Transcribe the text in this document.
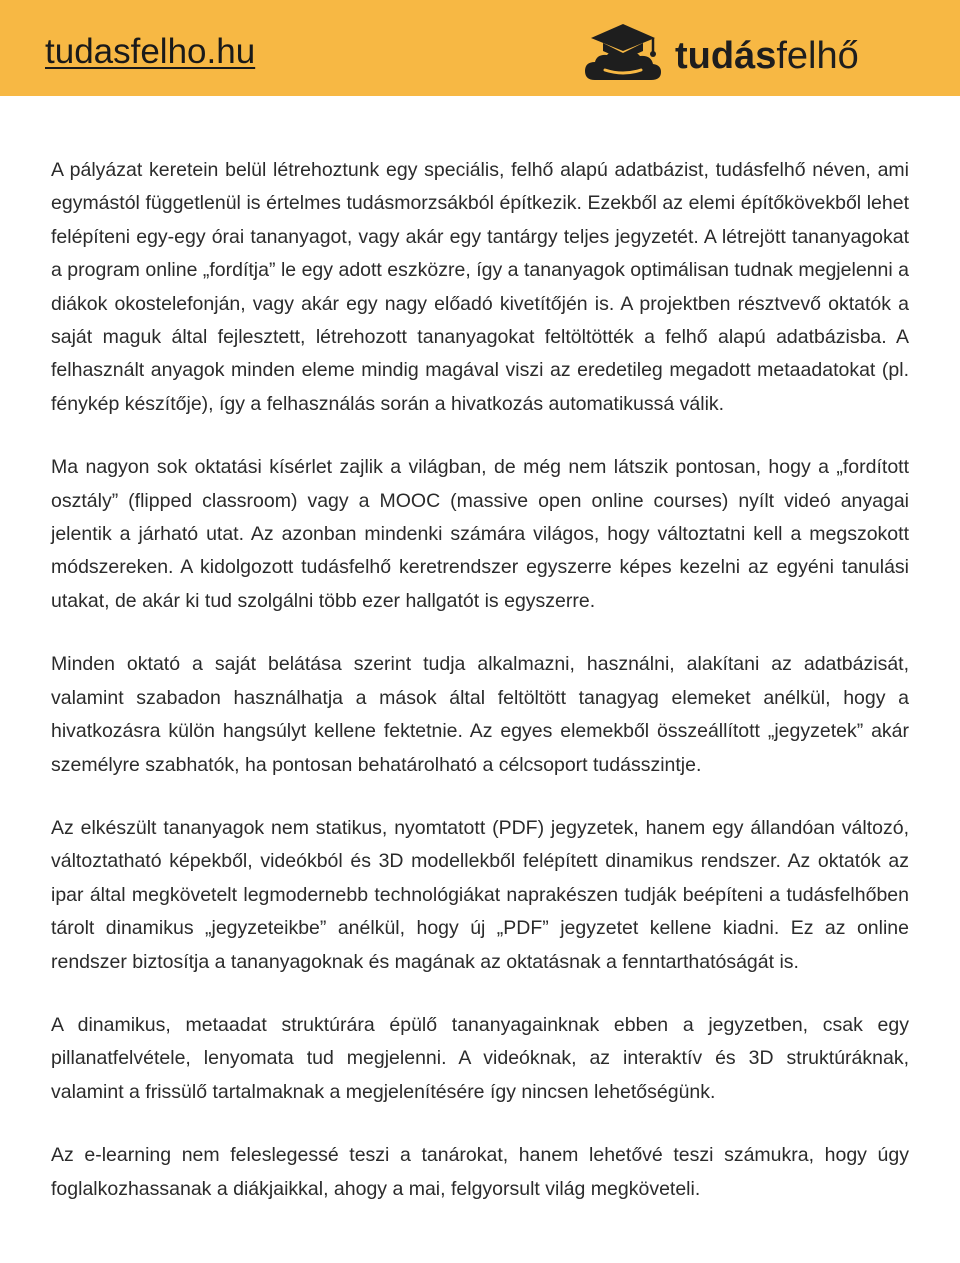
tudasfelho.hu	tudásfelhő

A pályázat keretein belül létrehoztunk egy speciális, felhő alapú adatbázist, tudásfelhő néven, ami egymástól függetlenül is értelmes tudásmorzsákból építkezik. Ezekből az elemi építőkövekből lehet felépíteni egy-egy órai tananyagot, vagy akár egy tantárgy teljes jegyzetét. A létrejött tananyagokat a program online „fordítja” le egy adott eszközre, így a tananyagok optimálisan tudnak megjelenni a diákok okostelefonján, vagy akár egy nagy előadó kivetítőjén is. A projektben résztvevő oktatók a saját maguk által fejlesztett, létrehozott tananyagokat feltöltötték a felhő alapú adatbázisba. A felhasznált anyagok minden eleme mindig magával viszi az eredetileg megadott metaadatokat (pl. fénykép készítője), így a felhasználás során a hivatkozás automatikussá válik.

Ma nagyon sok oktatási kísérlet zajlik a világban, de még nem látszik pontosan, hogy a „fordított osztály” (flipped classroom) vagy a MOOC (massive open online courses) nyílt videó anyagai jelentik a járható utat. Az azonban mindenki számára világos, hogy változtatni kell a megszokott módszereken. A kidolgozott tudásfelhő keretrendszer egyszerre képes kezelni az egyéni tanulási utakat, de akár ki tud szolgálni több ezer hallgatót is egyszerre.

Minden oktató a saját belátása szerint tudja alkalmazni, használni, alakítani az adatbázisát, valamint szabadon használhatja a mások által feltöltött tanagyag elemeket anélkül, hogy a hivatkozásra külön hangsúlyt kellene fektetnie. Az egyes elemekből összeállított „jegyzetek” akár személyre szabhatók, ha pontosan behatárolható a célcsoport tudásszintje.

Az elkészült tananyagok nem statikus, nyomtatott (PDF) jegyzetek, hanem egy állandóan változó, változtatható képekből, videókból és 3D modellekből felépített dinamikus rendszer. Az oktatók az ipar által megkövetelt legmodernebb technológiákat naprakészen tudják beépíteni a tudásfelhőben tárolt dinamikus „jegyzeteikbe” anélkül, hogy új „PDF” jegyzetet kellene kiadni. Ez az online rendszer biztosítja a tananyagoknak és magának az oktatásnak a fenntarthatóságát is.

A dinamikus, metaadat struktúrára épülő tananyagainknak ebben a jegyzetben, csak egy pillanatfelvétele, lenyomata tud megjelenni. A videóknak, az interaktív és 3D struktúráknak, valamint a frissülő tartalmaknak a megjelenítésére így nincsen lehetőségünk.

Az e-learning nem feleslegessé teszi a tanárokat, hanem lehetővé teszi számukra, hogy úgy foglalkozhassanak a diákjaikkal, ahogy a mai, felgyorsult világ megköveteli.
